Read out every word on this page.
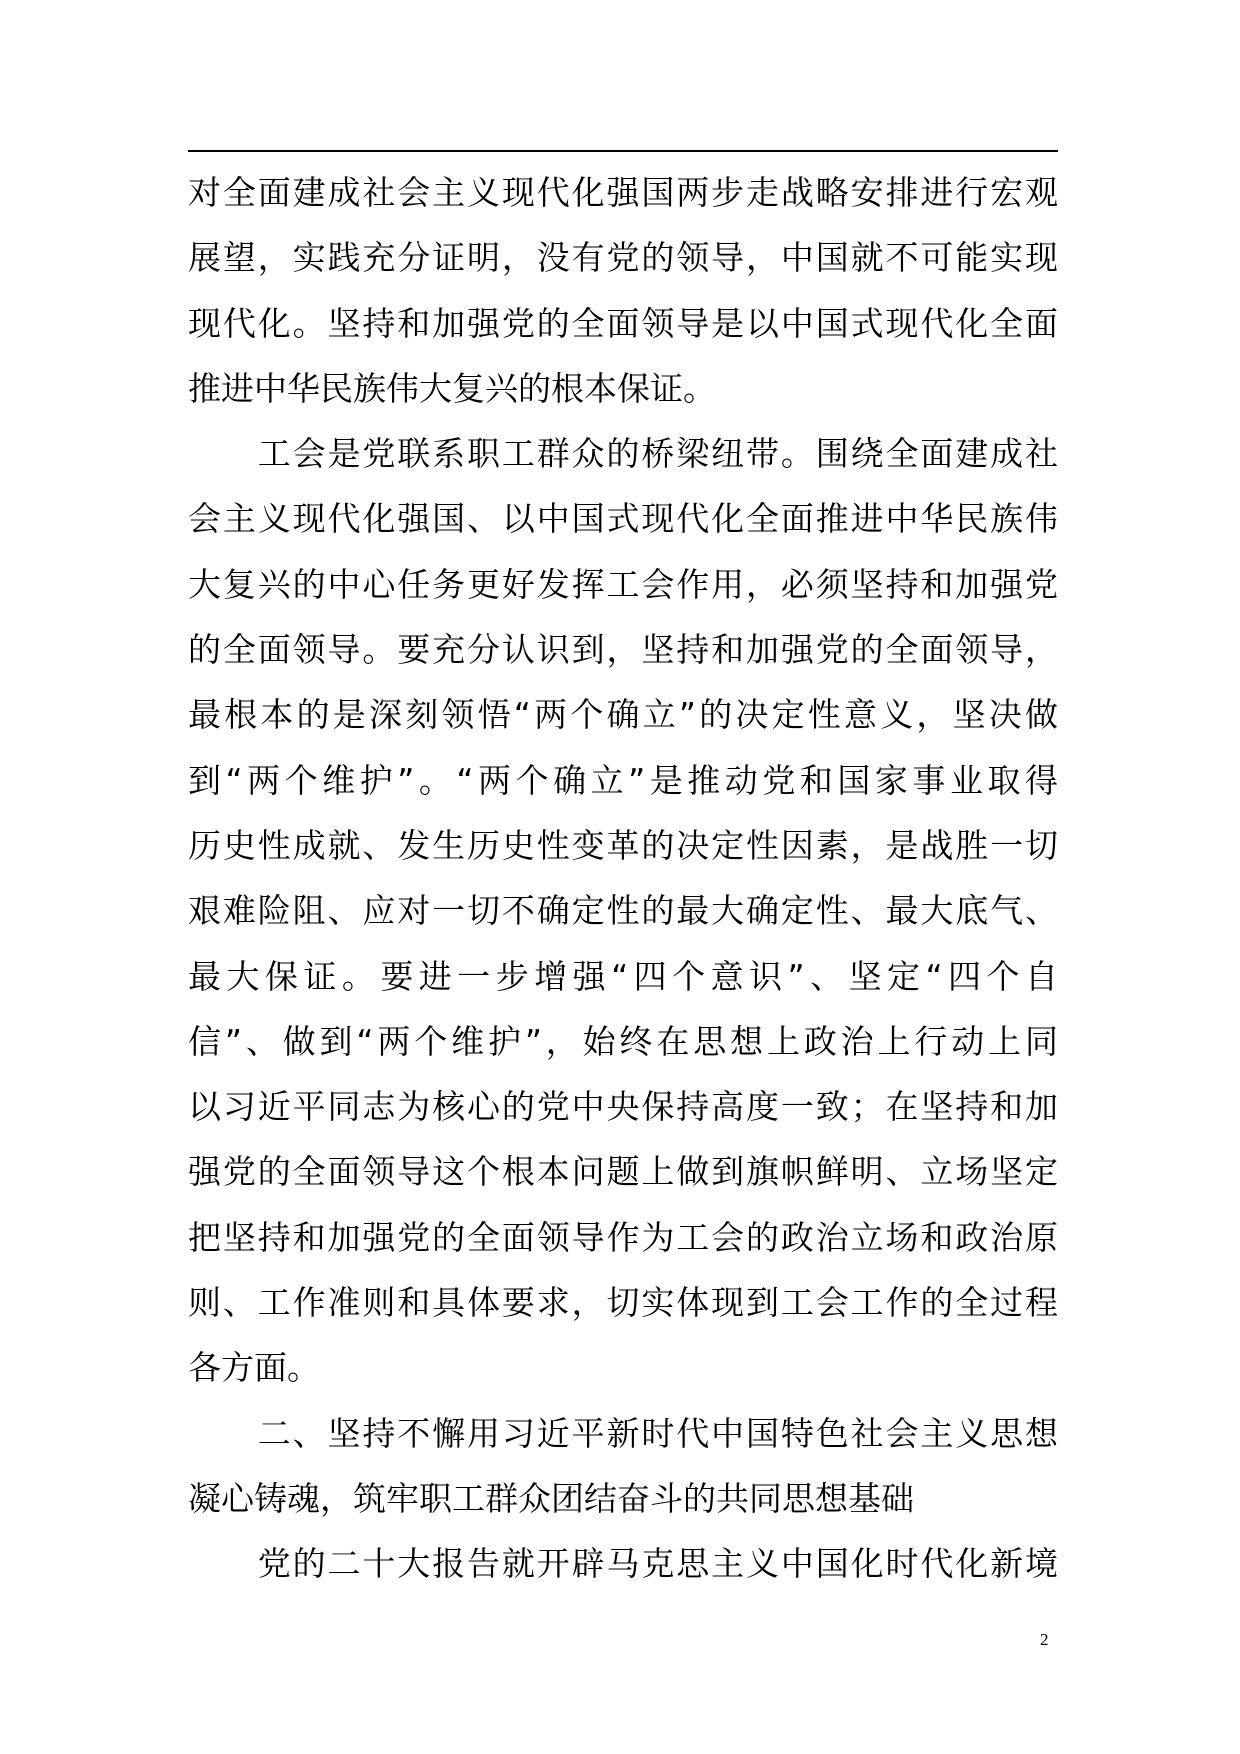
对全面建成社会主义现代化强国两步走战略安排进行宏观
展望，实践充分证明，没有党的领导，中国就不可能实现
现代化。坚持和加强党的全面领导是以中国式现代化全面
推进中华民族伟大复兴的根本保证。
　　工会是党联系职工群众的桥梁纽带。围绕全面建成社
会主义现代化强国、以中国式现代化全面推进中华民族伟
大复兴的中心任务更好发挥工会作用，必须坚持和加强党
的全面领导。要充分认识到，坚持和加强党的全面领导，
最根本的是深刻领悟“两个确立”的决定性意义，坚决做
到“两个维护”。“两个确立”是推动党和国家事业取得
历史性成就、发生历史性变革的决定性因素，是战胜一切
艰难险阻、应对一切不确定性的最大确定性、最大底气、
最大保证。要进一步增强“四个意识”、坚定“四个自
信”、做到“两个维护”，始终在思想上政治上行动上同
以习近平同志为核心的党中央保持高度一致；在坚持和加
强党的全面领导这个根本问题上做到旗帜鲜明、立场坚定
把坚持和加强党的全面领导作为工会的政治立场和政治原
则、工作准则和具体要求，切实体现到工会工作的全过程
各方面。
　　二、坚持不懈用习近平新时代中国特色社会主义思想
凝心铸魂，筑牢职工群众团结奋斗的共同思想基础
　　党的二十大报告就开辟马克思主义中国化时代化新境
2
